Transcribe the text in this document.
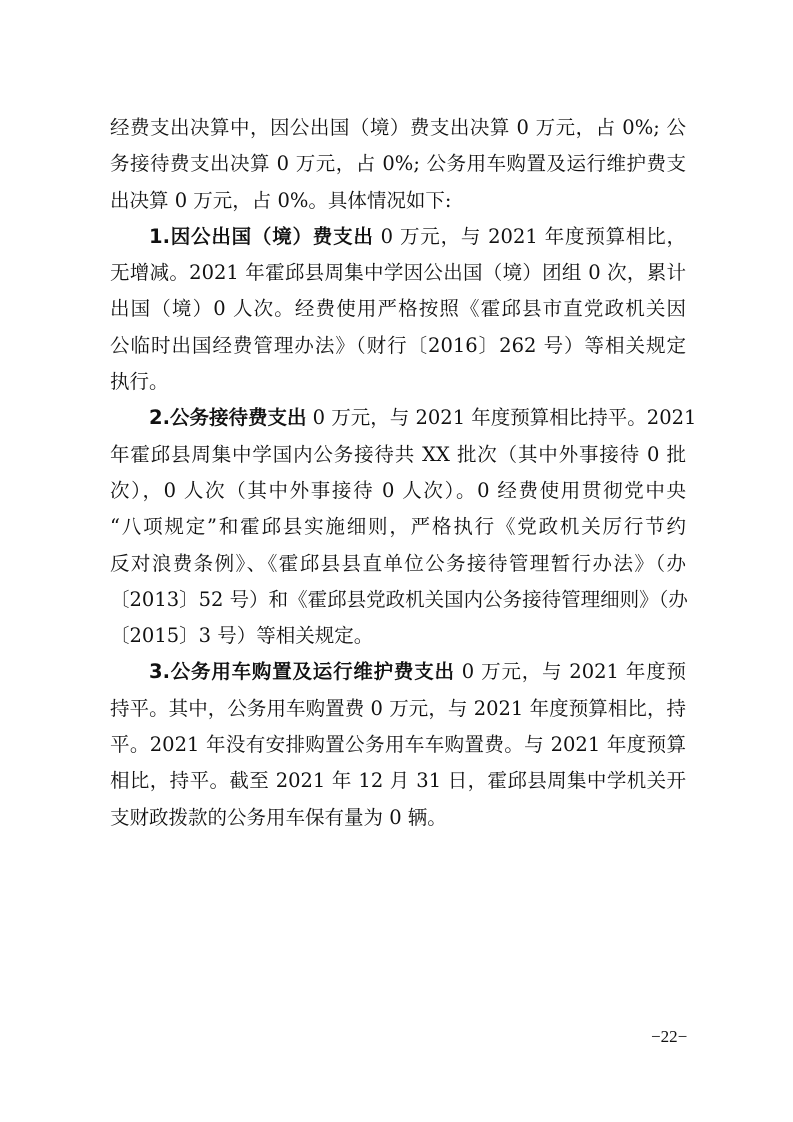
经费支出决算中，因公出国（境）费支出决算 0 万元，占 0%; 公
务接待费支出决算 0 万元，占 0%; 公务用车购置及运行维护费支
出决算 0 万元，占 0%。具体情况如下:
1.因公出国（境）费支出 0 万元，与 2021 年度预算相比，
无增减。2021 年霍邱县周集中学因公出国（境）团组 0 次，累计
出国（境）0 人次。经费使用严格按照《霍邱县市直党政机关因
公临时出国经费管理办法》（财行〔2016〕262 号）等相关规定
执行。
2.公务接待费支出 0 万元，与 2021 年度预算相比持平。2021
年霍邱县周集中学国内公务接待共 XX 批次（其中外事接待 0 批
次），0 人次（其中外事接待 0 人次）。0 经费使用贯彻党中央
“八项规定”和霍邱县实施细则，严格执行《党政机关厉行节约
反对浪费条例》、《霍邱县县直单位公务接待管理暂行办法》（办
〔2013〕52 号）和《霍邱县党政机关国内公务接待管理细则》（办
〔2015〕3 号）等相关规定。
3.公务用车购置及运行维护费支出 0 万元，与 2021 年度预
持平。其中，公务用车购置费 0 万元，与 2021 年度预算相比，持
平。2021 年没有安排购置公务用车车购置费。与 2021 年度预算
相比，持平。截至 2021 年 12 月 31 日，霍邱县周集中学机关开
支财政拨款的公务用车保有量为 0 辆。
−22−
